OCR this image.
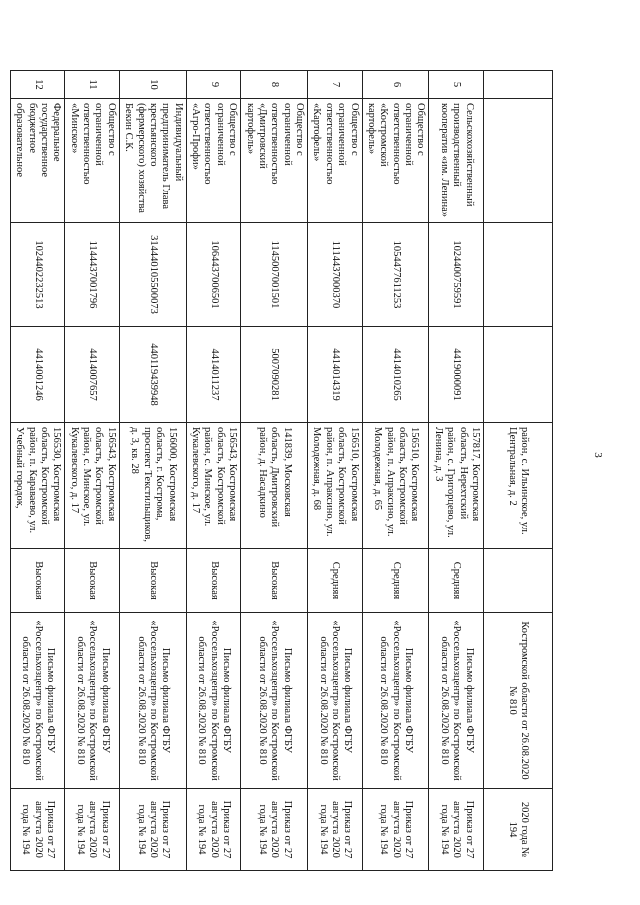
3
				район, с. Ильинское, ул. Центральная, д. 2		Костромской области от 26.08.2020 № 810	2020 года № 194
5	Сельскохозяйственный производственный кооператив «им. Ленина»	1024400759591	4419000091	157817, Костромская область, Нерехтский район, с. Григорцево, ул. Ленина, д. 3	Средняя	Письмо филиала ФГБУ «Россельхозцентр» по Костромской области от 26.08.2020 № 810	Приказ от 27 августа 2020 года № 194
6	Общество с ограниченной ответственностью «Костромской картофель»	1054477611253	4414010265	156510, Костромская область, Костромской район, п. Апраксино, ул. Молодежная, д. 65	Средняя	Письмо филиала ФГБУ «Россельхозцентр» по Костромской области от 26.08.2020 № 810	Приказ от 27 августа 2020 года № 194
7	Общество с ограниченной ответственностью «Картофель»	1114437000370	4414014319	156510, Костромская область, Костромской район, п. Апраксино, ул. Молодежная, д. 68	Средняя	Письмо филиала ФГБУ «Россельхозцентр» по Костромской области от 26.08.2020 № 810	Приказ от 27 августа 2020 года № 194
8	Общество с ограниченной ответственностью «Дмитровский картофель»	1145007001501	5007090281	141839, Московская область, Дмитровский район, д. Насадкино	Высокая	Письмо филиала ФГБУ «Россельхозцентр» по Костромской области от 26.08.2020 № 810	Приказ от 27 августа 2020 года № 194
9	Общество с ограниченной ответственностью «Агро-Профи»	1064437006501	4414011237	156543, Костромская область, Костромской район, с. Минское, ул. Кукалевского, д. 17	Высокая	Письмо филиала ФГБУ «Россельхозцентр» по Костромской области от 26.08.2020 № 810	Приказ от 27 августа 2020 года № 194
10	Индивидуальный предприниматель Глава крестьянского (фермерского) хозяйства Бекин С.К.	314440105500073	440119439948	156000, Костромская область, г. Кострома, проспект Текстильщиков, д. 3, кв. 28	Высокая	Письмо филиала ФГБУ «Россельхозцентр» по Костромской области от 26.08.2020 № 810	Приказ от 27 августа 2020 года № 194
11	Общество с ограниченной ответственностью «Минское»	1144437001796	4414007657	156543, Костромская область, Костромской район, с. Минское, ул. Кукалевского, д. 17	Высокая	Письмо филиала ФГБУ «Россельхозцентр» по Костромской области от 26.08.2020 № 810	Приказ от 27 августа 2020 года № 194
12	Федеральное государственное бюджетное образовательное	1024402232513	4414001246	156530, Костромская область, Костромской район, п. Караваево, ул. Учебный городок,	Высокая	Письмо филиала ФГБУ «Россельхозцентр» по Костромской области от 26.08.2020 № 810	Приказ от 27 августа 2020 года № 194
